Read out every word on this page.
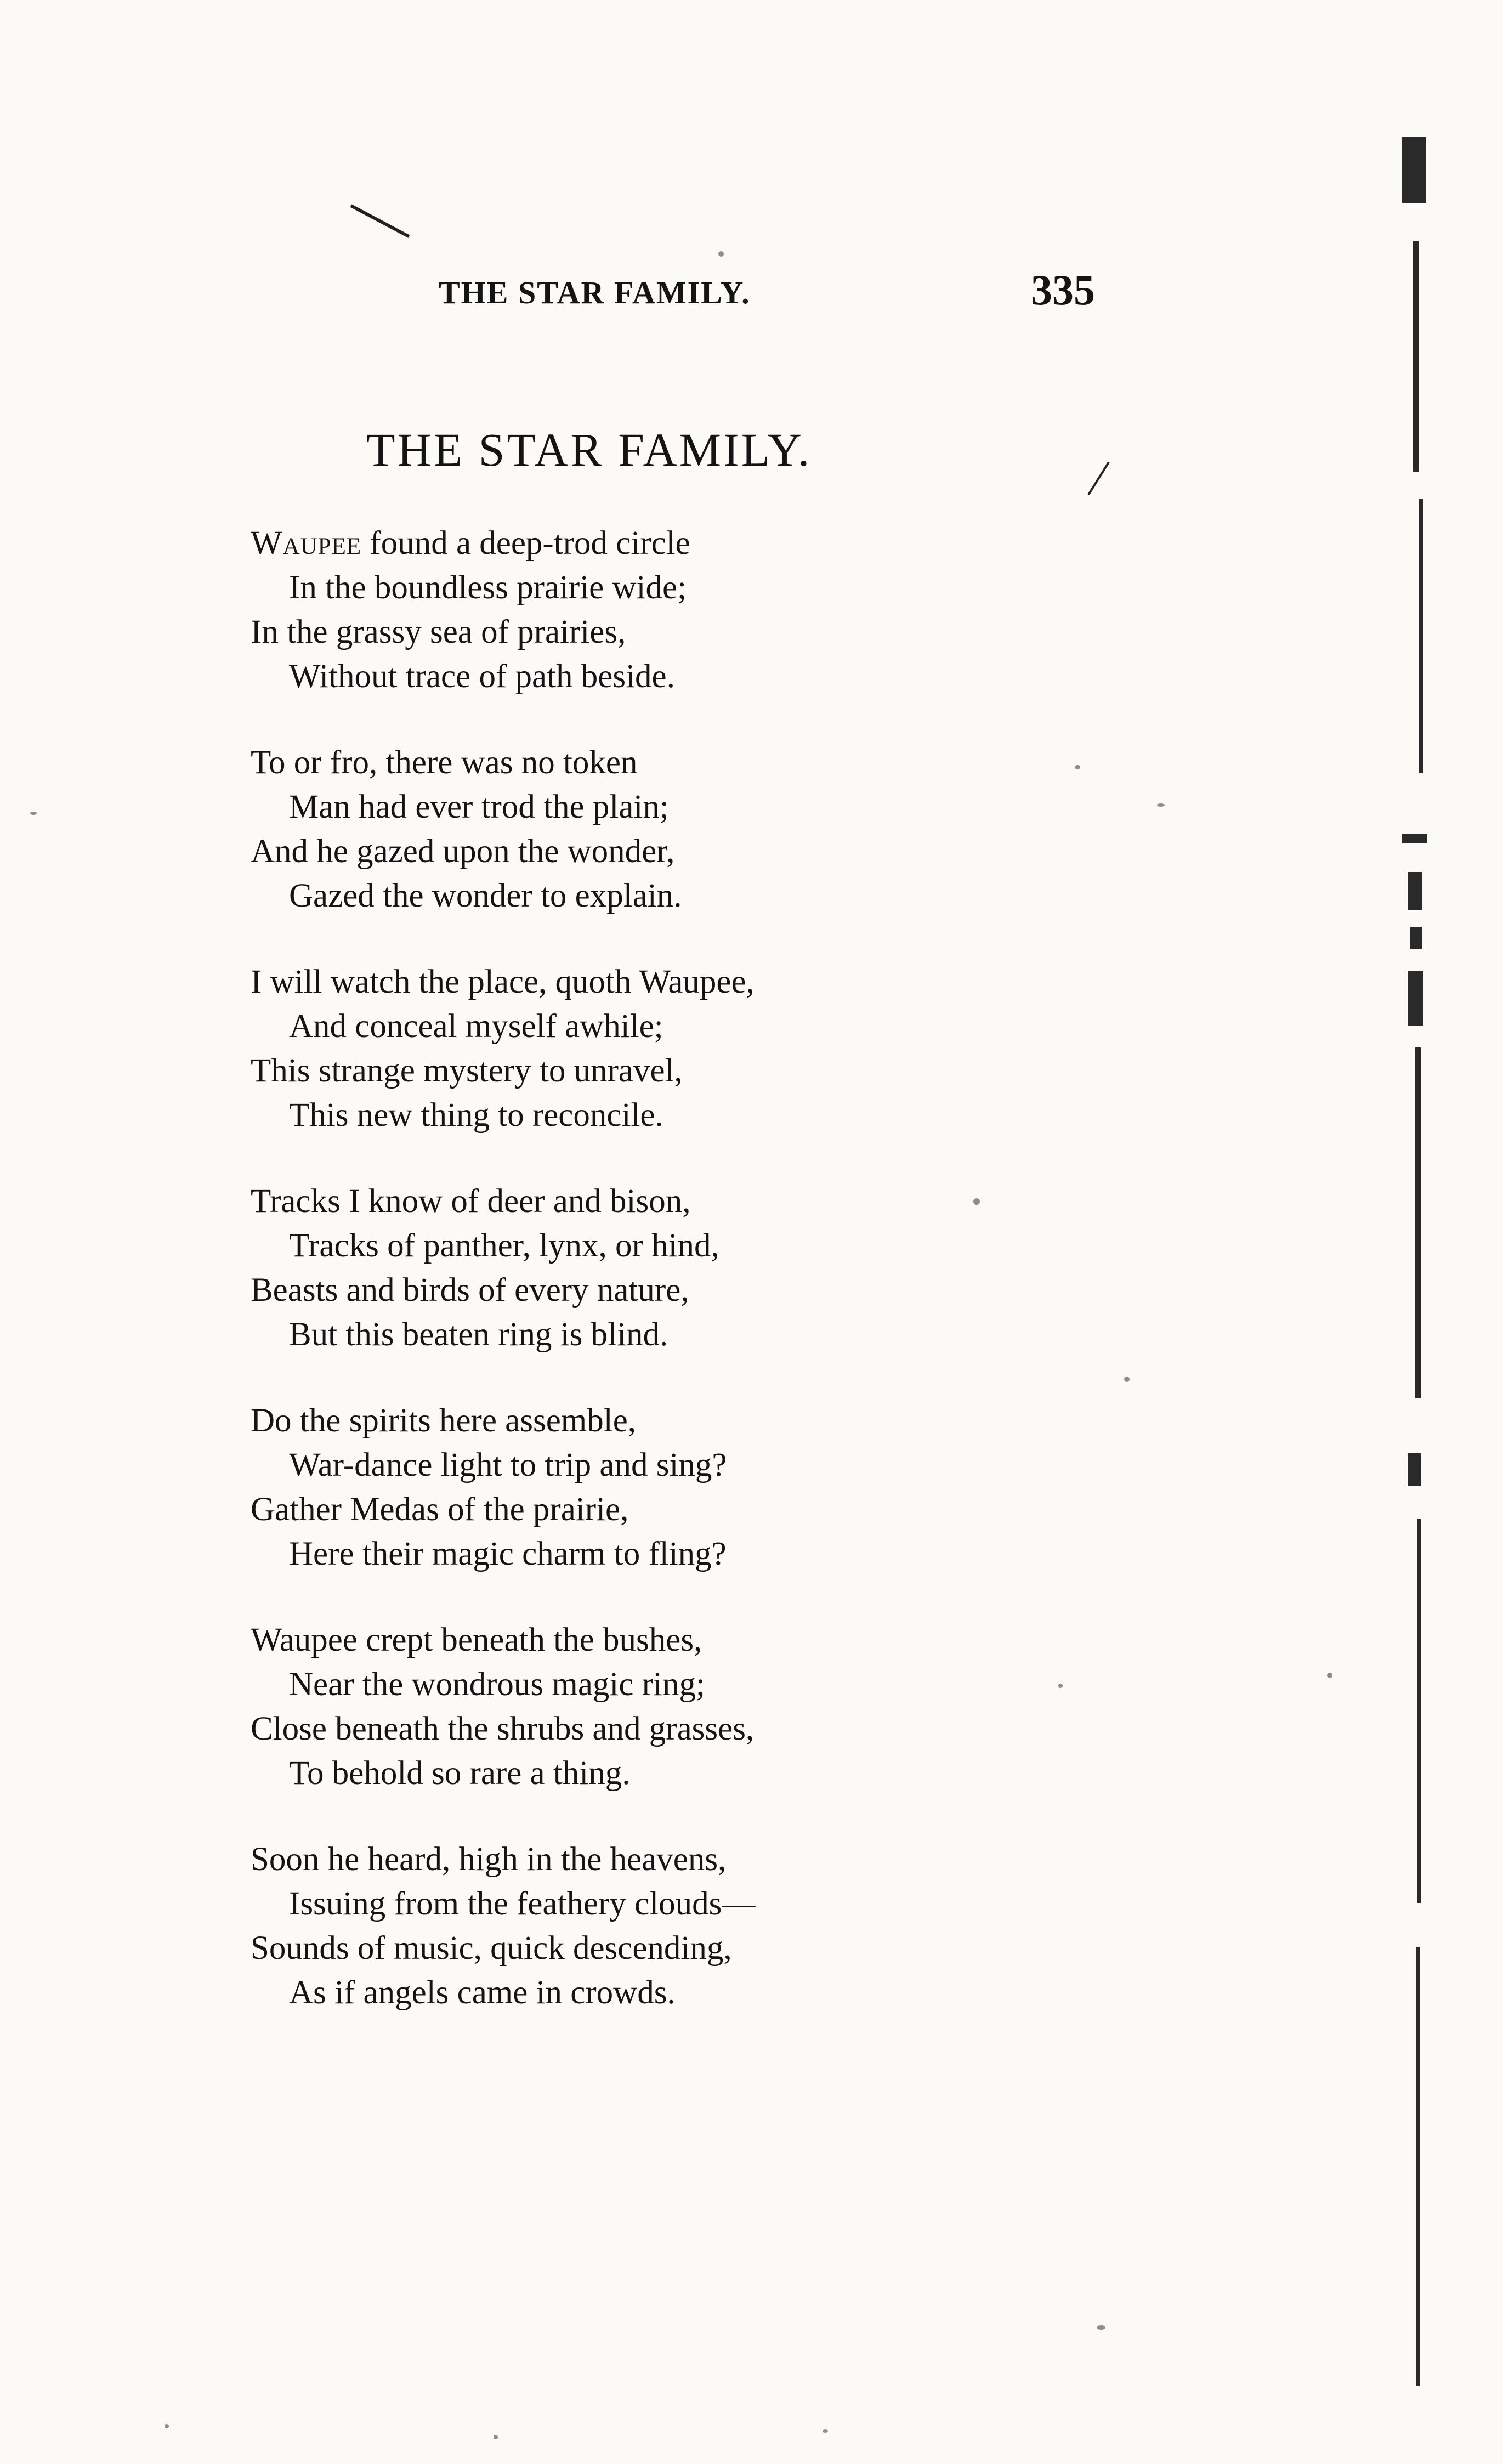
THE STAR FAMILY.	335
THE STAR FAMILY.
Waupee found a deep-trod circle
In the boundless prairie wide;
In the grassy sea of prairies,
Without trace of path beside.
To or fro, there was no token
Man had ever trod the plain;
And he gazed upon the wonder,
Gazed the wonder to explain.
I will watch the place, quoth Waupee,
And conceal myself awhile;
This strange mystery to unravel,
This new thing to reconcile.
Tracks I know of deer and bison,
Tracks of panther, lynx, or hind,
Beasts and birds of every nature,
But this beaten ring is blind.
Do the spirits here assemble,
War-dance light to trip and sing?
Gather Medas of the prairie,
Here their magic charm to fling?
Waupee crept beneath the bushes,
Near the wondrous magic ring;
Close beneath the shrubs and grasses,
To behold so rare a thing.
Soon he heard, high in the heavens,
Issuing from the feathery clouds—
Sounds of music, quick descending,
As if angels came in crowds.
